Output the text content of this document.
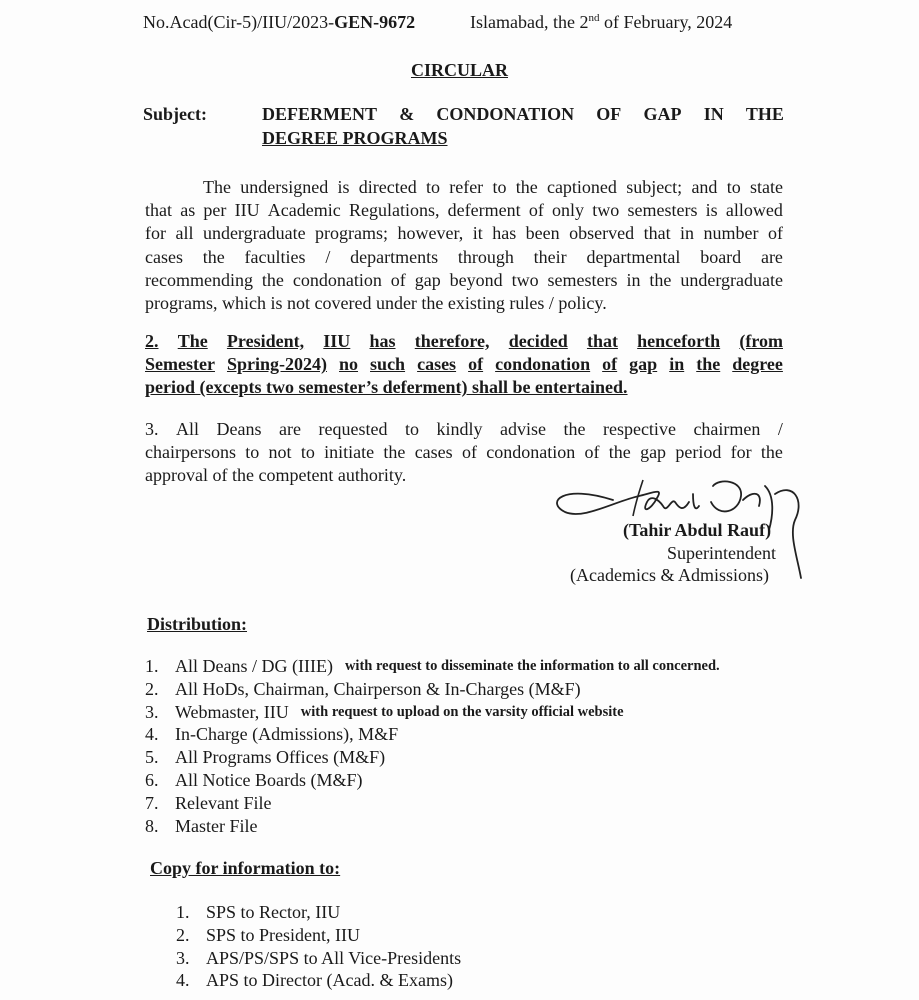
No.Acad(Cir-5)/IIU/2023-GEN-9672	Islamabad, the 2nd of February, 2024
CIRCULAR
Subject:	DEFERMENT & CONDONATION OF GAP IN THE
DEGREE PROGRAMS
The undersigned is directed to refer to the captioned subject; and to state
that as per IIU Academic Regulations, deferment of only two semesters is allowed
for all undergraduate programs; however, it has been observed that in number of
cases the faculties / departments through their departmental board are
recommending the condonation of gap beyond two semesters in the undergraduate
programs, which is not covered under the existing rules / policy.
2. The President, IIU has therefore, decided that henceforth (from
Semester Spring-2024) no such cases of condonation of gap in the degree
period (excepts two semester’s deferment) shall be entertained.
3. All Deans are requested to kindly advise the respective chairmen /
chairpersons to not to initiate the cases of condonation of the gap period for the
approval of the competent authority.
(Tahir Abdul Rauf)
Superintendent
(Academics & Admissions)
Distribution:
1. All Deans / DG (IIIE) with request to disseminate the information to all concerned.
2. All HoDs, Chairman, Chairperson & In-Charges (M&F)
3. Webmaster, IIU with request to upload on the varsity official website
4. In-Charge (Admissions), M&F
5. All Programs Offices (M&F)
6. All Notice Boards (M&F)
7. Relevant File
8. Master File
Copy for information to:
1. SPS to Rector, IIU
2. SPS to President, IIU
3. APS/PS/SPS to All Vice-Presidents
4. APS to Director (Acad. & Exams)
